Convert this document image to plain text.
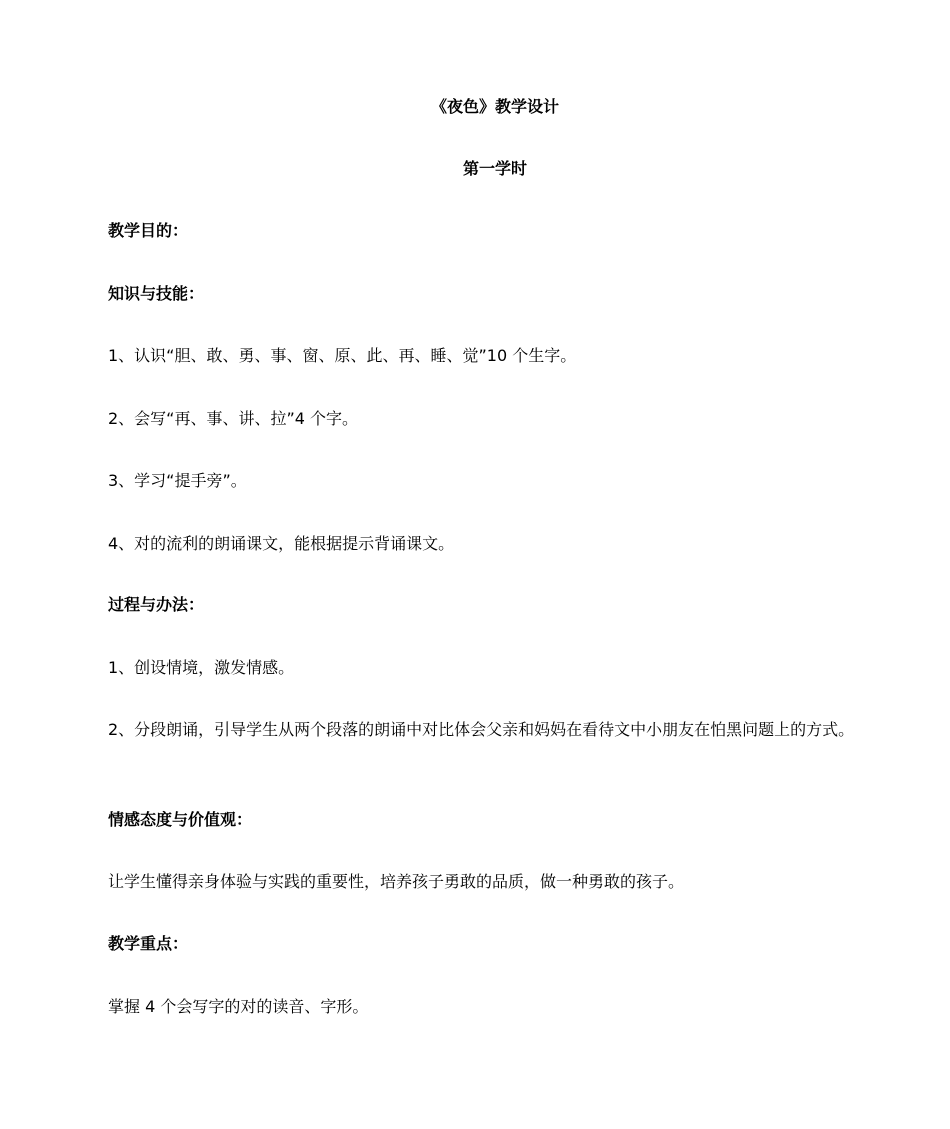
《夜色》教学设计
第一学时
教学目的：
知识与技能：
1、认识“胆、敢、勇、事、窗、原、此、再、睡、觉”10 个生字。
2、会写“再、事、讲、拉”4 个字。
3、学习“提手旁”。
4、对的流利的朗诵课文，能根据提示背诵课文。
过程与办法：
1、创设情境，激发情感。
2、分段朗诵，引导学生从两个段落的朗诵中对比体会父亲和妈妈在看待文中小朋友在怕黑问题上的方式。
情感态度与价值观：
让学生懂得亲身体验与实践的重要性，培养孩子勇敢的品质，做一种勇敢的孩子。
教学重点：
掌握 4 个会写字的对的读音、字形。
